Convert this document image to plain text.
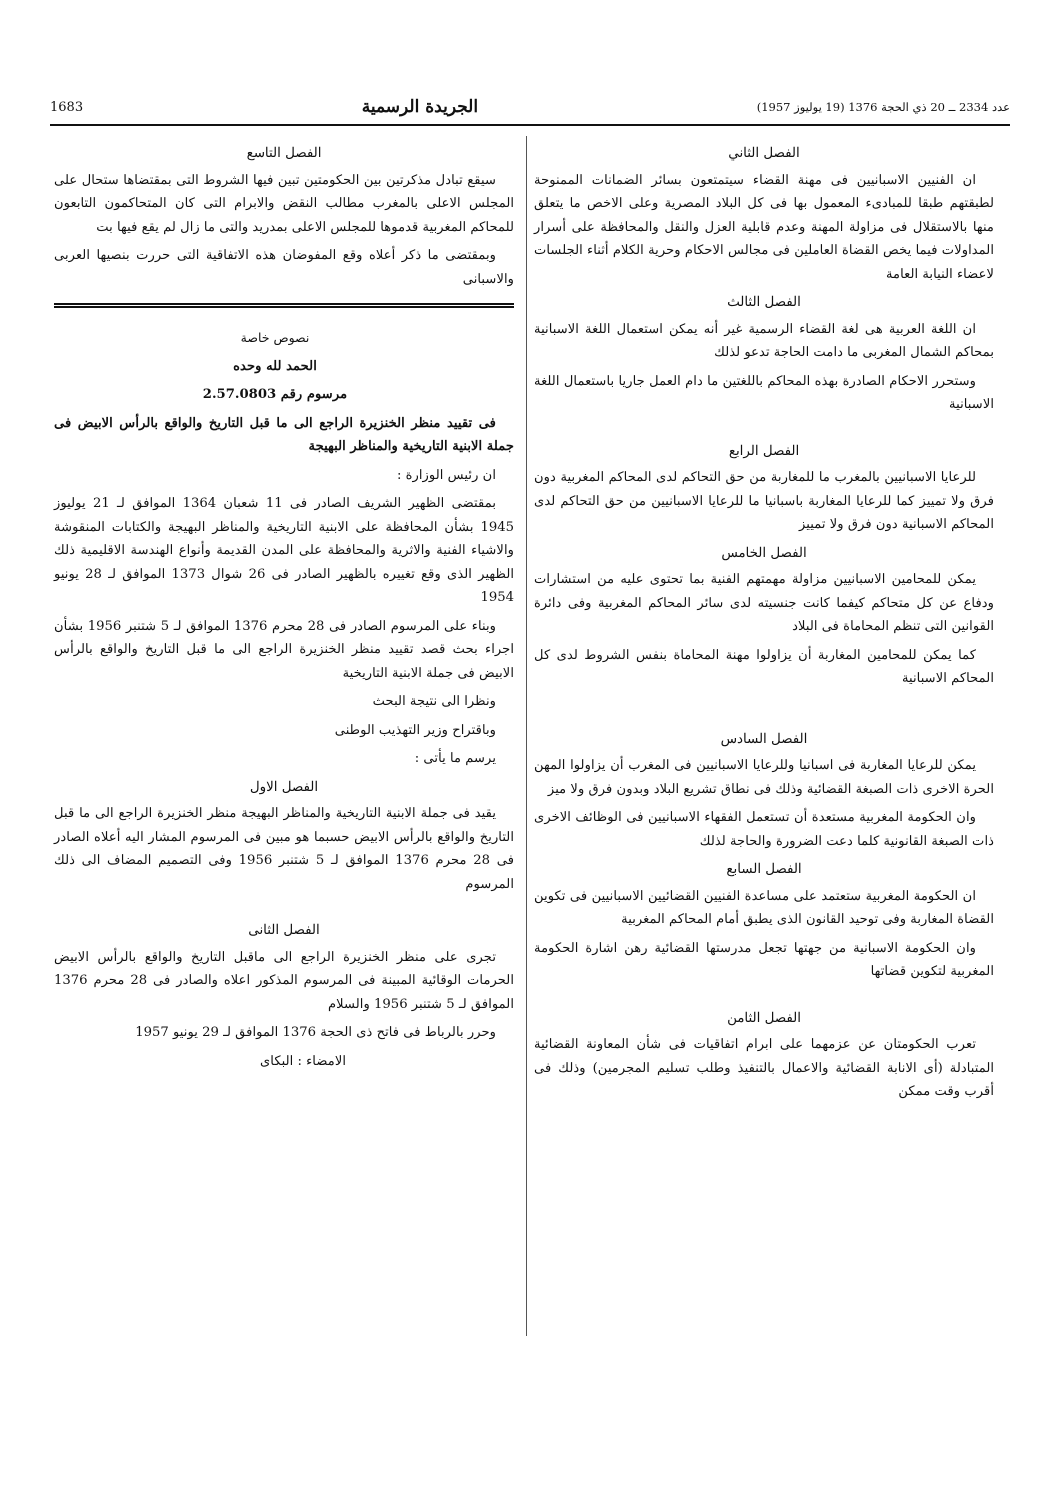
1683	الجريدة الرسمية	عدد 2334 ــ 20 ذي الحجة 1376 (19 يوليوز 1957)
الفصل الثاني

ان الفنيين الاسبانيين فى مهنة القضاء سيتمتعون بسائر الضمانات الممنوحة لطبقتهم طبقا للمبادىء المعمول بها فى كل البلاد المصرية وعلى الاخص ما يتعلق منها بالاستقلال فى مزاولة المهنة وعدم قابلية العزل والنقل والمحافظة على أسرار المداولات فيما يخص القضاة العاملين فى مجالس الاحكام وحرية الكلام أثناء الجلسات لاعضاء النيابة العامة

الفصل الثالث

ان اللغة العربية هى لغة القضاء الرسمية غير أنه يمكن استعمال اللغة الاسبانية بمحاكم الشمال المغربى ما دامت الحاجة تدعو لذلك

وستحرر الاحكام الصادرة بهذه المحاكم باللغتين ما دام العمل جاريا باستعمال اللغة الاسبانية

الفصل الرابع

للرعايا الاسبانيين بالمغرب ما للمغاربة من حق التحاكم لدى المحاكم المغربية دون فرق ولا تمييز كما للرعايا المغاربة باسبانيا ما للرعايا الاسبانيين من حق التحاكم لدى المحاكم الاسبانية دون فرق ولا تمييز

الفصل الخامس

يمكن للمحامين الاسبانيين مزاولة مهمتهم الفنية بما تحتوى عليه من استشارات ودفاع عن كل متحاكم كيفما كانت جنسيته لدى سائر المحاكم المغربية وفى دائرة القوانين التى تنظم المحاماة فى البلاد

كما يمكن للمحامين المغاربة أن يزاولوا مهنة المحاماة بنفس الشروط لدى كل المحاكم الاسبانية

الفصل السادس

يمكن للرعايا المغاربة فى اسبانيا وللرعايا الاسبانيين فى المغرب أن يزاولوا المهن الحرة الاخرى ذات الصبغة القضائية وذلك فى نطاق تشريع البلاد وبدون فرق ولا ميز

وان الحكومة المغربية مستعدة أن تستعمل الفقهاء الاسبانيين فى الوظائف الاخرى ذات الصبغة القانونية كلما دعت الضرورة والحاجة لذلك

الفصل السابع

ان الحكومة المغربية ستعتمد على مساعدة الفنيين القضائيين الاسبانيين فى تكوين القضاة المغاربة وفى توحيد القانون الذى يطبق أمام المحاكم المغربية

وان الحكومة الاسبانية من جهتها تجعل مدرستها القضائية رهن اشارة الحكومة المغربية لتكوين قضاتها

الفصل الثامن

تعرب الحكومتان عن عزمهما على ابرام اتفاقيات فى شأن المعاونة القضائية المتبادلة (أى الانابة القضائية والاعمال بالتنفيذ وطلب تسليم المجرمين) وذلك فى أقرب وقت ممكن

الفصل التاسع

سيقع تبادل مذكرتين بين الحكومتين تبين فيها الشروط التى بمقتضاها ستحال على المجلس الاعلى بالمغرب مطالب النقض والابرام التى كان المتحاكمون التابعون للمحاكم المغربية قدموها للمجلس الاعلى بمدريد والتى ما زال لم يقع فيها بت

وبمقتضى ما ذكر أعلاه وقع المفوضان هذه الاتفاقية التى حررت بنصيها العربى والاسبانى

نصوص خاصة

الحمد لله وحده

مرسوم رقم 2.57.0803

فى تقييد منظر الخنزيرة الراجع الى ما قبل التاريخ والواقع بالرأس الابيض فى جملة الابنية التاريخية والمناظر البهيجة

ان رئيس الوزارة :

بمقتضى الظهير الشريف الصادر فى 11 شعبان 1364 الموافق لـ 21 يوليوز 1945 بشأن المحافظة على الابنية التاريخية والمناظر البهيجة والكتابات المنقوشة والاشياء الفنية والاثرية والمحافظة على المدن القديمة وأنواع الهندسة الاقليمية ذلك الظهير الذى وقع تغييره بالظهير الصادر فى 26 شوال 1373 الموافق لـ 28 يونيو 1954

وبناء على المرسوم الصادر فى 28 محرم 1376 الموافق لـ 5 شتنبر 1956 بشأن اجراء بحث قصد تقييد منظر الخنزيرة الراجع الى ما قبل التاريخ والواقع بالرأس الابيض فى جملة الابنية التاريخية

ونظرا الى نتيجة البحث

وباقتراح وزير التهذيب الوطنى

يرسم ما يأتى :

الفصل الاول

يقيد فى جملة الابنية التاريخية والمناظر البهيجة منظر الخنزيرة الراجع الى ما قبل التاريخ والواقع بالرأس الابيض حسبما هو مبين فى المرسوم المشار اليه أعلاه الصادر فى 28 محرم 1376 الموافق لـ 5 شتنبر 1956 وفى التصميم المضاف الى ذلك المرسوم

الفصل الثانى

تجرى على منظر الخنزيرة الراجع الى ماقبل التاريخ والواقع بالرأس الابيض الحرمات الوقائية المبينة فى المرسوم المذكور اعلاه والصادر فى 28 محرم 1376 الموافق لـ 5 شتنبر 1956 والسلام

وحرر بالرباط فى فاتح ذى الحجة 1376 الموافق لـ 29 يونيو 1957

الامضاء : البكاى
